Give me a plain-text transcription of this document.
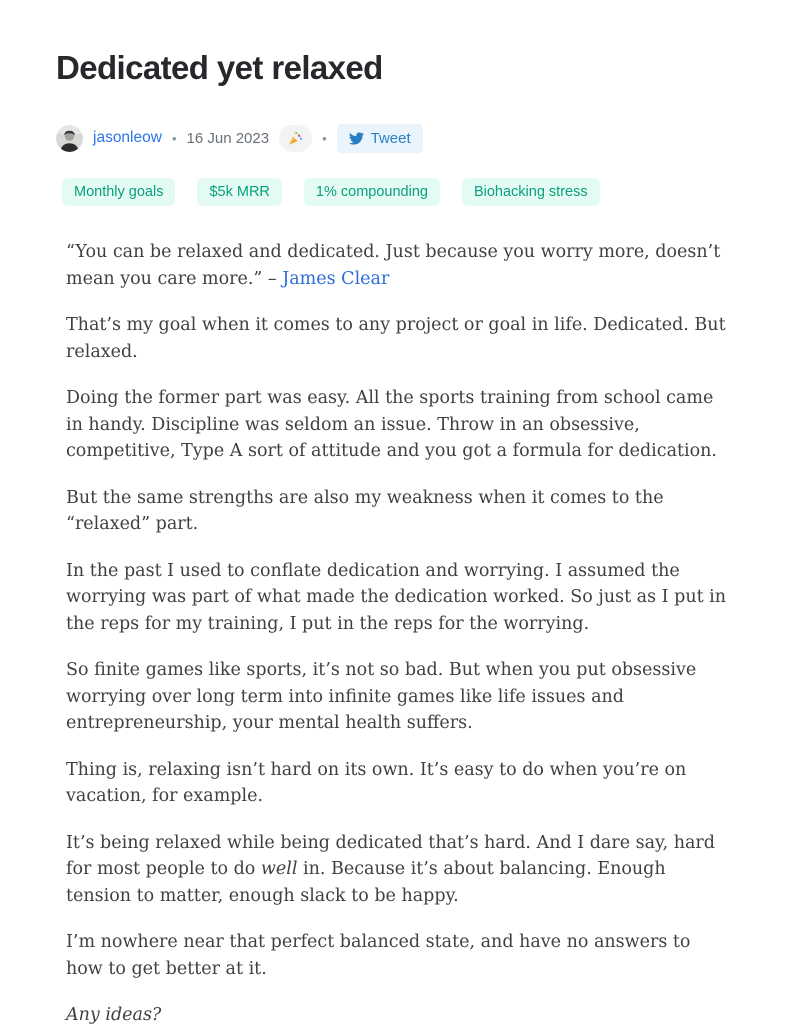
Dedicated yet relaxed
jasonleow • 16 Jun 2023	•	Tweet
Monthly goals	$5k MRR	1% compounding	Biohacking stress

“You can be relaxed and dedicated. Just because you worry more, doesn’t mean you care more.” – James Clear

That’s my goal when it comes to any project or goal in life. Dedicated. But relaxed.

Doing the former part was easy. All the sports training from school came in handy. Discipline was seldom an issue. Throw in an obsessive, competitive, Type A sort of attitude and you got a formula for dedication.

But the same strengths are also my weakness when it comes to the “relaxed” part.

In the past I used to conflate dedication and worrying. I assumed the worrying was part of what made the dedication worked. So just as I put in the reps for my training, I put in the reps for the worrying.

So finite games like sports, it’s not so bad. But when you put obsessive worrying over long term into infinite games like life issues and entrepreneurship, your mental health suffers.

Thing is, relaxing isn’t hard on its own. It’s easy to do when you’re on vacation, for example.

It’s being relaxed while being dedicated that’s hard. And I dare say, hard for most people to do well in. Because it’s about balancing. Enough tension to matter, enough slack to be happy.

I’m nowhere near that perfect balanced state, and have no answers to how to get better at it.

Any ideas?
